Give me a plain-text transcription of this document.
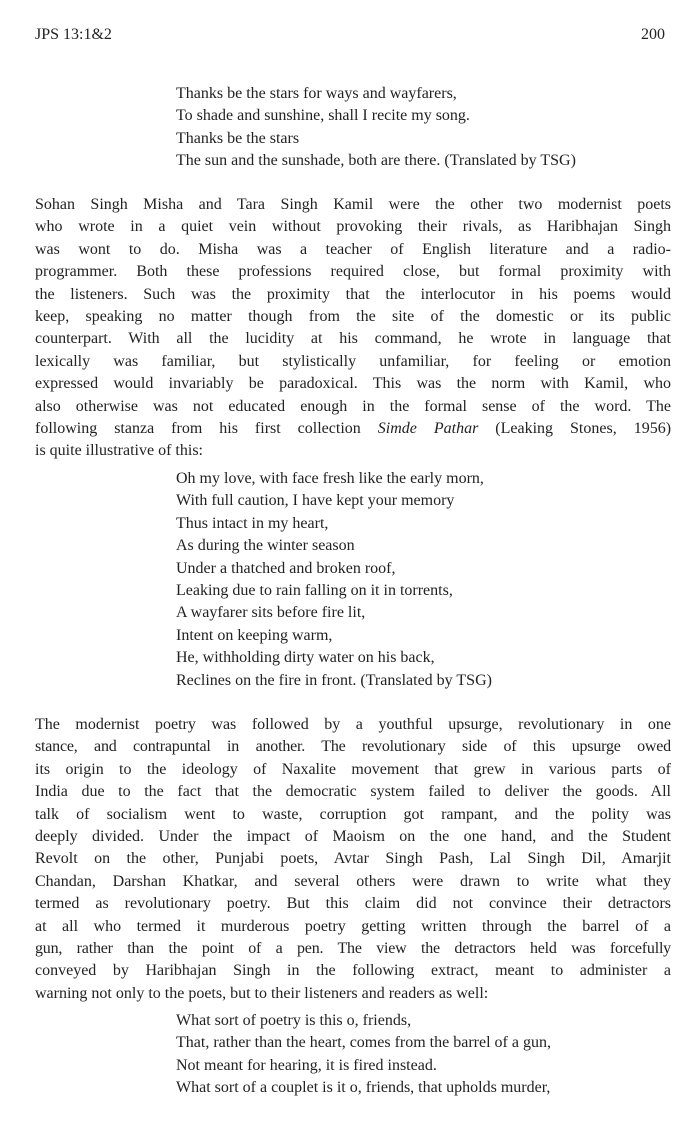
JPS 13:1&2	200
Thanks be the stars for ways and wayfarers,
To shade and sunshine, shall I recite my song.
Thanks be the stars
The sun and the sunshade, both are there. (Translated by TSG)
Sohan Singh Misha and Tara Singh Kamil were the other two modernist poets
who wrote in a quiet vein without provoking their rivals, as Haribhajan Singh
was wont to do. Misha was a teacher of English literature and a radio-
programmer. Both these professions required close, but formal proximity with
the listeners. Such was the proximity that the interlocutor in his poems would
keep, speaking no matter though from the site of the domestic or its public
counterpart. With all the lucidity at his command, he wrote in language that
lexically was familiar, but stylistically unfamiliar, for feeling or emotion
expressed would invariably be paradoxical. This was the norm with Kamil, who
also otherwise was not educated enough in the formal sense of the word. The
following stanza from his first collection Simde Pathar (Leaking Stones, 1956)
is quite illustrative of this:
Oh my love, with face fresh like the early morn,
With full caution, I have kept your memory
Thus intact in my heart,
As during the winter season
Under a thatched and broken roof,
Leaking due to rain falling on it in torrents,
A wayfarer sits before fire lit,
Intent on keeping warm,
He, withholding dirty water on his back,
Reclines on the fire in front. (Translated by TSG)
The modernist poetry was followed by a youthful upsurge, revolutionary in one
stance, and contrapuntal in another. The revolutionary side of this upsurge owed
its origin to the ideology of Naxalite movement that grew in various parts of
India due to the fact that the democratic system failed to deliver the goods. All
talk of socialism went to waste, corruption got rampant, and the polity was
deeply divided. Under the impact of Maoism on the one hand, and the Student
Revolt on the other, Punjabi poets, Avtar Singh Pash, Lal Singh Dil, Amarjit
Chandan, Darshan Khatkar, and several others were drawn to write what they
termed as revolutionary poetry. But this claim did not convince their detractors
at all who termed it murderous poetry getting written through the barrel of a
gun, rather than the point of a pen. The view the detractors held was forcefully
conveyed by Haribhajan Singh in the following extract, meant to administer a
warning not only to the poets, but to their listeners and readers as well:
What sort of poetry is this o, friends,
That, rather than the heart, comes from the barrel of a gun,
Not meant for hearing, it is fired instead.
What sort of a couplet is it o, friends, that upholds murder,
